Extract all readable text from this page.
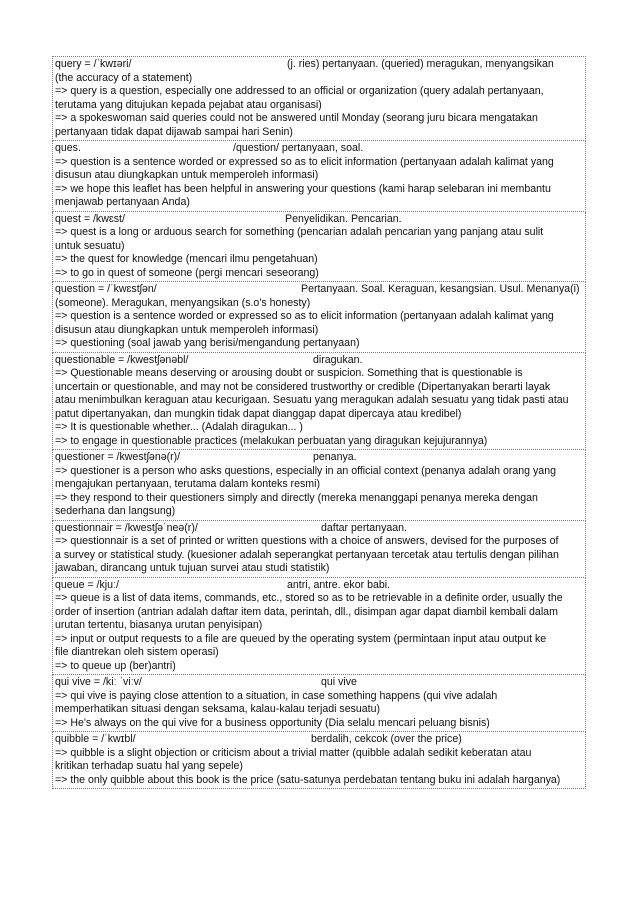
query = /ˈkwɪəri/	(j. ries) pertanyaan. (queried) meragukan, menyangsikan
(the accuracy of a statement)
=> query is a question, especially one addressed to an official or organization (query adalah pertanyaan,
terutama yang ditujukan kepada pejabat atau organisasi)
=> a spokeswoman said queries could not be answered until Monday (seorang juru bicara mengatakan
pertanyaan tidak dapat dijawab sampai hari Senin)
ques.	/question/ pertanyaan, soal.
=> question is a sentence worded or expressed so as to elicit information (pertanyaan adalah kalimat yang
disusun atau diungkapkan untuk memperoleh informasi)
=> we hope this leaflet has been helpful in answering your questions (kami harap selebaran ini membantu
menjawab pertanyaan Anda)
quest = /kwɛst/	Penyelidikan. Pencarian.
=> quest is a long or arduous search for something (pencarian adalah pencarian yang panjang atau sulit
untuk sesuatu)
=> the quest for knowledge (mencari ilmu pengetahuan)
=> to go in quest of someone (pergi mencari seseorang)
question = /ˈkwɛstʃən/	Pertanyaan. Soal. Keraguan, kesangsian. Usul. Menanya(i)
(someone). Meragukan, menyangsikan (s.o's honesty)
=> question is a sentence worded or expressed so as to elicit information (pertanyaan adalah kalimat yang
disusun atau diungkapkan untuk memperoleh informasi)
=> questioning (soal jawab yang berisi/mengandung pertanyaan)
questionable = /kwestʃənəbl/	diragukan.
=> Questionable means deserving or arousing doubt or suspicion. Something that is questionable is
uncertain or questionable, and may not be considered trustworthy or credible (Dipertanyakan berarti layak
atau menimbulkan keraguan atau kecurigaan. Sesuatu yang meragukan adalah sesuatu yang tidak pasti atau
patut dipertanyakan, dan mungkin tidak dapat dianggap dapat dipercaya atau kredibel)
=> It is questionable whether... (Adalah diragukan... )
=> to engage in questionable practices (melakukan perbuatan yang diragukan kejujurannya)
questioner = /kwestʃənə(r)/	penanya.
=> questioner is a person who asks questions, especially in an official context (penanya adalah orang yang
mengajukan pertanyaan, terutama dalam konteks resmi)
=> they respond to their questioners simply and directly (mereka menanggapi penanya mereka dengan
sederhana dan langsung)
questionnair = /kwestʃəˈneə(r)/	daftar pertanyaan.
=> questionnair is a set of printed or written questions with a choice of answers, devised for the purposes of
a survey or statistical study. (kuesioner adalah seperangkat pertanyaan tercetak atau tertulis dengan pilihan
jawaban, dirancang untuk tujuan survei atau studi statistik)
queue = /kjuː/	antri, antre. ekor babi.
=> queue is a list of data items, commands, etc., stored so as to be retrievable in a definite order, usually the
order of insertion (antrian adalah daftar item data, perintah, dll., disimpan agar dapat diambil kembali dalam
urutan tertentu, biasanya urutan penyisipan)
=> input or output requests to a file are queued by the operating system (permintaan input atau output ke
file diantrekan oleh sistem operasi)
=> to queue up (ber)antri)
qui vive = /kiː ˈviːv/	qui vive
=> qui vive is paying close attention to a situation, in case something happens (qui vive adalah
memperhatikan situasi dengan seksama, kalau-kalau terjadi sesuatu)
=> He's always on the qui vive for a business opportunity (Dia selalu mencari peluang bisnis)
quibble = /ˈkwɪbl/	berdalih, cekcok (over the price)
=> quibble is a slight objection or criticism about a trivial matter (quibble adalah sedikit keberatan atau
kritikan terhadap suatu hal yang sepele)
=> the only quibble about this book is the price (satu-satunya perdebatan tentang buku ini adalah harganya)
